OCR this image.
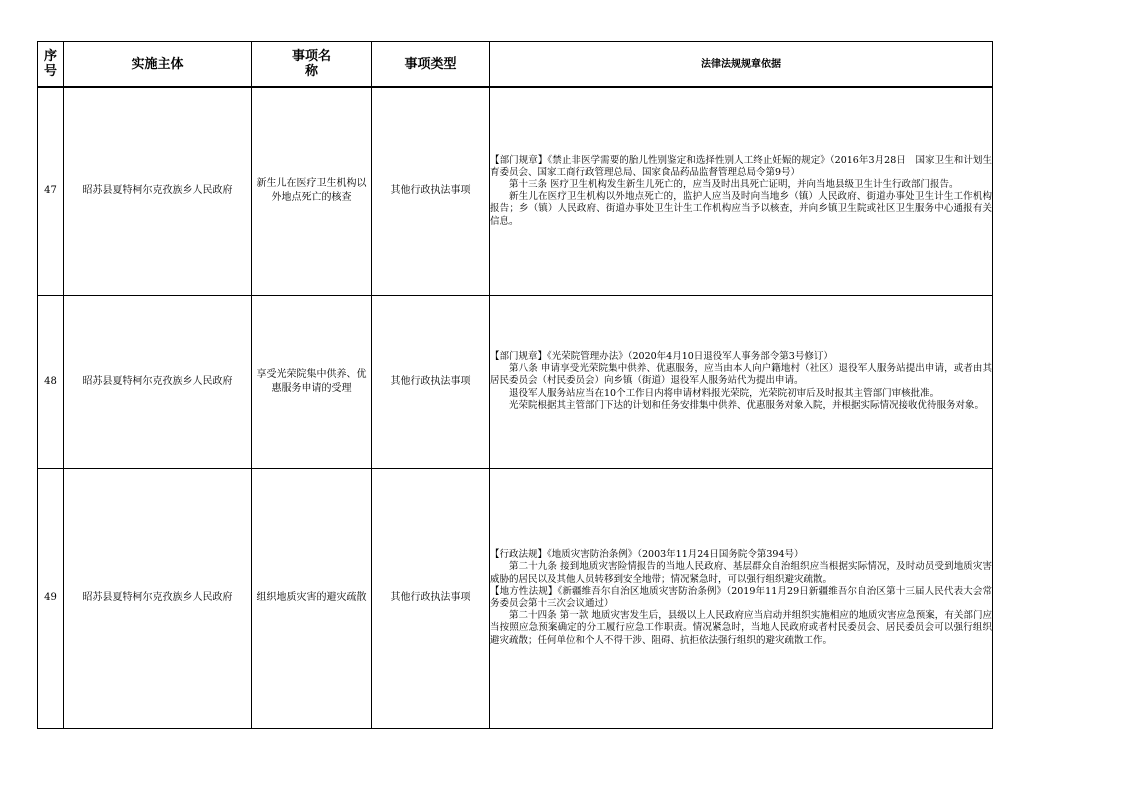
序号	实施主体	事项名称	事项类型	法律法规规章依据
47	昭苏县夏特柯尔克孜族乡人民政府	新生儿在医疗卫生机构以外地点死亡的核查	其他行政执法事项	【部门规章】《禁止非医学需要的胎儿性别鉴定和选择性别人工终止妊娠的规定》（2016年3月28日　国家卫生和计划生育委员会、国家工商行政管理总局、国家食品药品监督管理总局令第9号）
第十三条 医疗卫生机构发生新生儿死亡的，应当及时出具死亡证明，并向当地县级卫生计生行政部门报告。
新生儿在医疗卫生机构以外地点死亡的，监护人应当及时向当地乡（镇）人民政府、街道办事处卫生计生工作机构报告；乡（镇）人民政府、街道办事处卫生计生工作机构应当予以核查，并向乡镇卫生院或社区卫生服务中心通报有关信息。

48	昭苏县夏特柯尔克孜族乡人民政府	享受光荣院集中供养、优惠服务申请的受理	其他行政执法事项	【部门规章】《光荣院管理办法》（2020年4月10日退役军人事务部令第3号修订）
第八条 申请享受光荣院集中供养、优惠服务，应当由本人向户籍地村（社区）退役军人服务站提出申请，或者由其居民委员会（村民委员会）向乡镇（街道）退役军人服务站代为提出申请。
退役军人服务站应当在10个工作日内将申请材料报光荣院，光荣院初审后及时报其主管部门审核批准。
光荣院根据其主管部门下达的计划和任务安排集中供养、优惠服务对象入院，并根据实际情况接收优待服务对象。

49	昭苏县夏特柯尔克孜族乡人民政府	组织地质灾害的避灾疏散	其他行政执法事项	【行政法规】《地质灾害防治条例》（2003年11月24日国务院令第394号）
第二十九条 接到地质灾害险情报告的当地人民政府、基层群众自治组织应当根据实际情况，及时动员受到地质灾害威胁的居民以及其他人员转移到安全地带；情况紧急时，可以强行组织避灾疏散。
【地方性法规】《新疆维吾尔自治区地质灾害防治条例》（2019年11月29日新疆维吾尔自治区第十三届人民代表大会常务委员会第十三次会议通过）
第二十四条 第一款 地质灾害发生后，县级以上人民政府应当启动并组织实施相应的地质灾害应急预案，有关部门应当按照应急预案确定的分工履行应急工作职责。情况紧急时，当地人民政府或者村民委员会、居民委员会可以强行组织避灾疏散；任何单位和个人不得干涉、阻碍、抗拒依法强行组织的避灾疏散工作。
